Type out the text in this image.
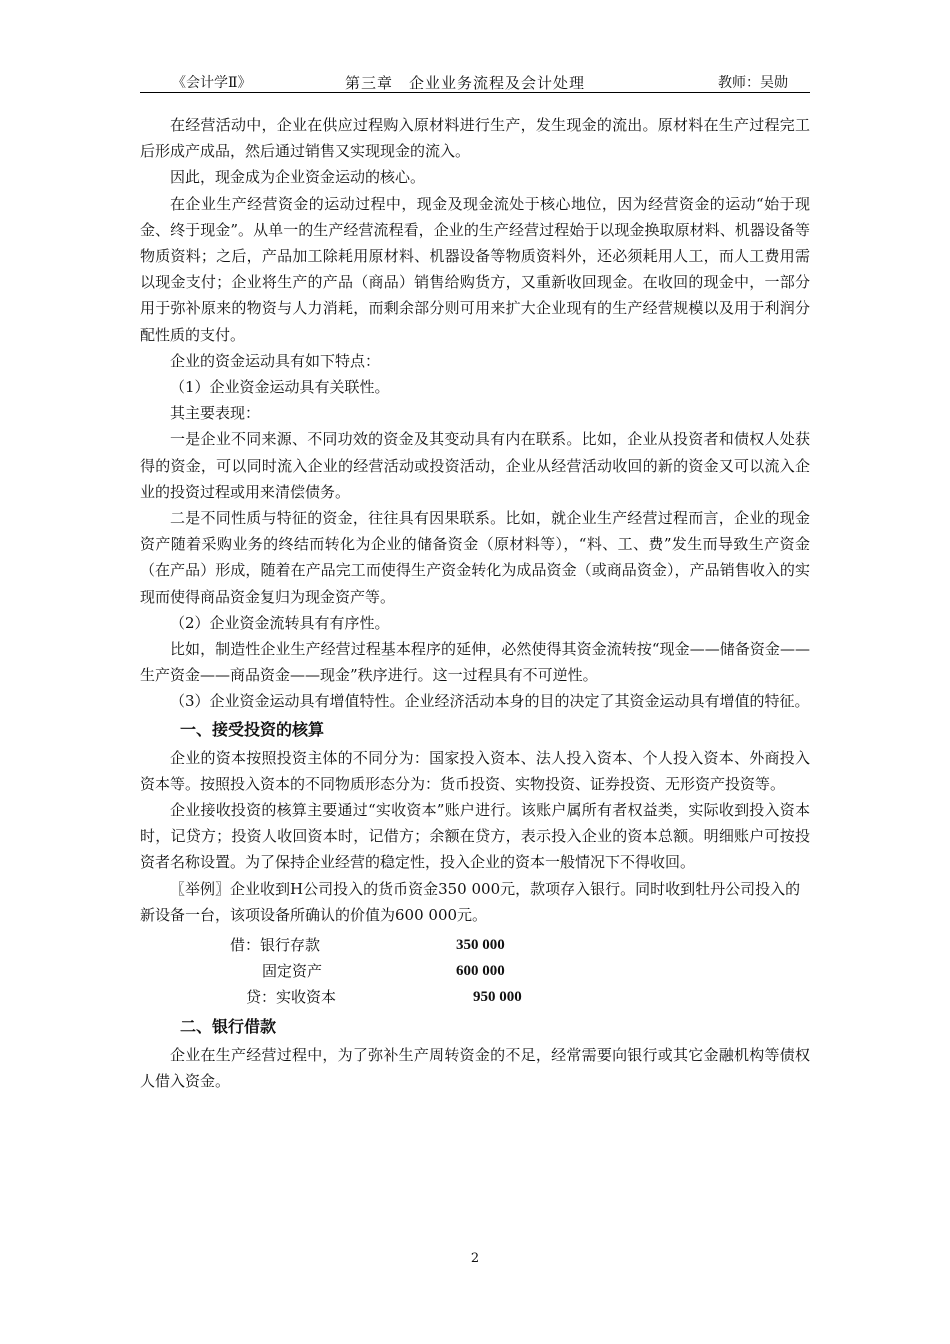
《会计学Ⅱ》	第三章　企业业务流程及会计处理	教师：吴勋

在经营活动中，企业在供应过程购入原材料进行生产，发生现金的流出。原材料在生产过程完工后形成产成品，然后通过销售又实现现金的流入。

因此，现金成为企业资金运动的核心。

在企业生产经营资金的运动过程中，现金及现金流处于核心地位，因为经营资金的运动“始于现金、终于现金”。从单一的生产经营流程看，企业的生产经营过程始于以现金换取原材料、机器设备等物质资料；之后，产品加工除耗用原材料、机器设备等物质资料外，还必须耗用人工，而人工费用需以现金支付；企业将生产的产品（商品）销售给购货方，又重新收回现金。在收回的现金中，一部分用于弥补原来的物资与人力消耗，而剩余部分则可用来扩大企业现有的生产经营规模以及用于利润分配性质的支付。

企业的资金运动具有如下特点：

（1）企业资金运动具有关联性。

其主要表现：

一是企业不同来源、不同功效的资金及其变动具有内在联系。比如，企业从投资者和债权人处获得的资金，可以同时流入企业的经营活动或投资活动，企业从经营活动收回的新的资金又可以流入企业的投资过程或用来清偿债务。

二是不同性质与特征的资金，往往具有因果联系。比如，就企业生产经营过程而言，企业的现金资产随着采购业务的终结而转化为企业的储备资金（原材料等），“料、工、费”发生而导致生产资金（在产品）形成，随着在产品完工而使得生产资金转化为成品资金（或商品资金），产品销售收入的实现而使得商品资金复归为现金资产等。

（2）企业资金流转具有有序性。

比如，制造性企业生产经营过程基本程序的延伸，必然使得其资金流转按“现金——储备资金——生产资金——商品资金——现金”秩序进行。这一过程具有不可逆性。

（3）企业资金运动具有增值特性。企业经济活动本身的目的决定了其资金运动具有增值的特征。

一、接受投资的核算

企业的资本按照投资主体的不同分为：国家投入资本、法人投入资本、个人投入资本、外商投入资本等。按照投入资本的不同物质形态分为：货币投资、实物投资、证券投资、无形资产投资等。

企业接收投资的核算主要通过“实收资本”账户进行。该账户属所有者权益类，实际收到投入资本时，记贷方；投资人收回资本时，记借方；余额在贷方，表示投入企业的资本总额。明细账户可按投资者名称设置。为了保持企业经营的稳定性，投入企业的资本一般情况下不得收回。

〖举例〗企业收到H公司投入的货币资金350 000元，款项存入银行。同时收到牡丹公司投入的新设备一台，该项设备所确认的价值为600 000元。

借：银行存款	350 000
固定资产	600 000
贷：实收资本	950 000
二、银行借款

企业在生产经营过程中，为了弥补生产周转资金的不足，经常需要向银行或其它金融机构等债权人借入资金。

2
